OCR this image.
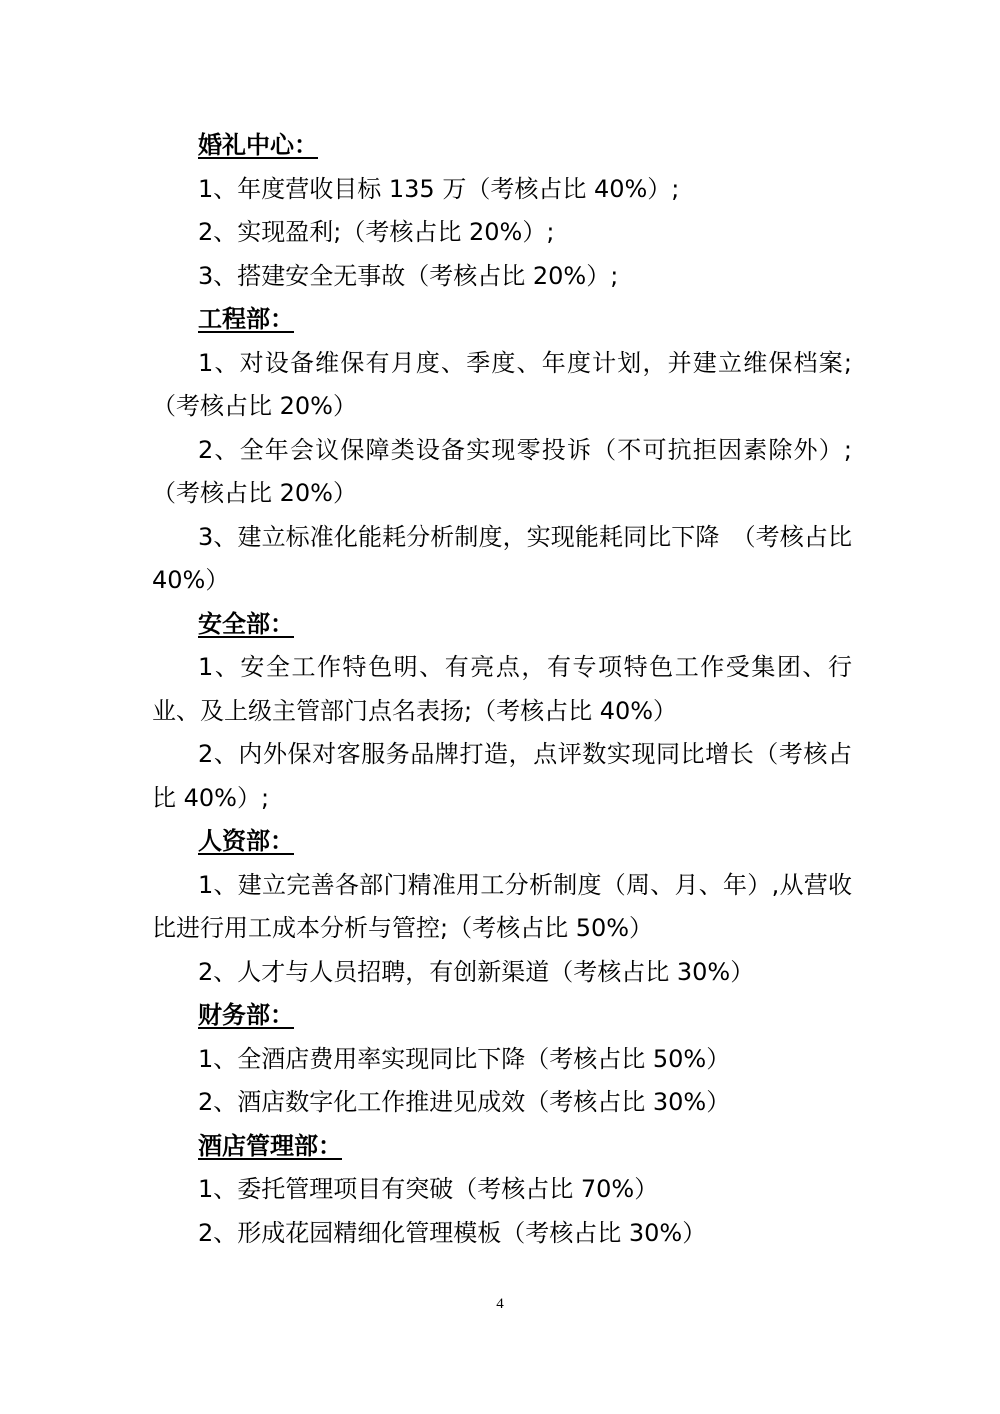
婚礼中心：

1、年度营收目标 135 万（考核占比 40%）;

2、实现盈利;（考核占比 20%）;

3、搭建安全无事故（考核占比 20%）;

工程部：

1、对设备维保有月度、季度、年度计划，并建立维保档案;（考核占比 20%）

2、全年会议保障类设备实现零投诉（不可抗拒因素除外）;（考核占比 20%）

3、建立标准化能耗分析制度，实现能耗同比下降　（考核占比 40%）

安全部：

1、安全工作特色明、有亮点，有专项特色工作受集团、行业、及上级主管部门点名表扬;（考核占比 40%）

2、内外保对客服务品牌打造，点评数实现同比增长（考核占比 40%）;

人资部：

1、建立完善各部门精准用工分析制度（周、月、年）,从营收比进行用工成本分析与管控;（考核占比 50%）

2、人才与人员招聘，有创新渠道（考核占比 30%）

财务部：

1、全酒店费用率实现同比下降（考核占比 50%）

2、酒店数字化工作推进见成效（考核占比 30%）

酒店管理部：

1、委托管理项目有突破（考核占比 70%）

2、形成花园精细化管理模板（考核占比 30%）

4
